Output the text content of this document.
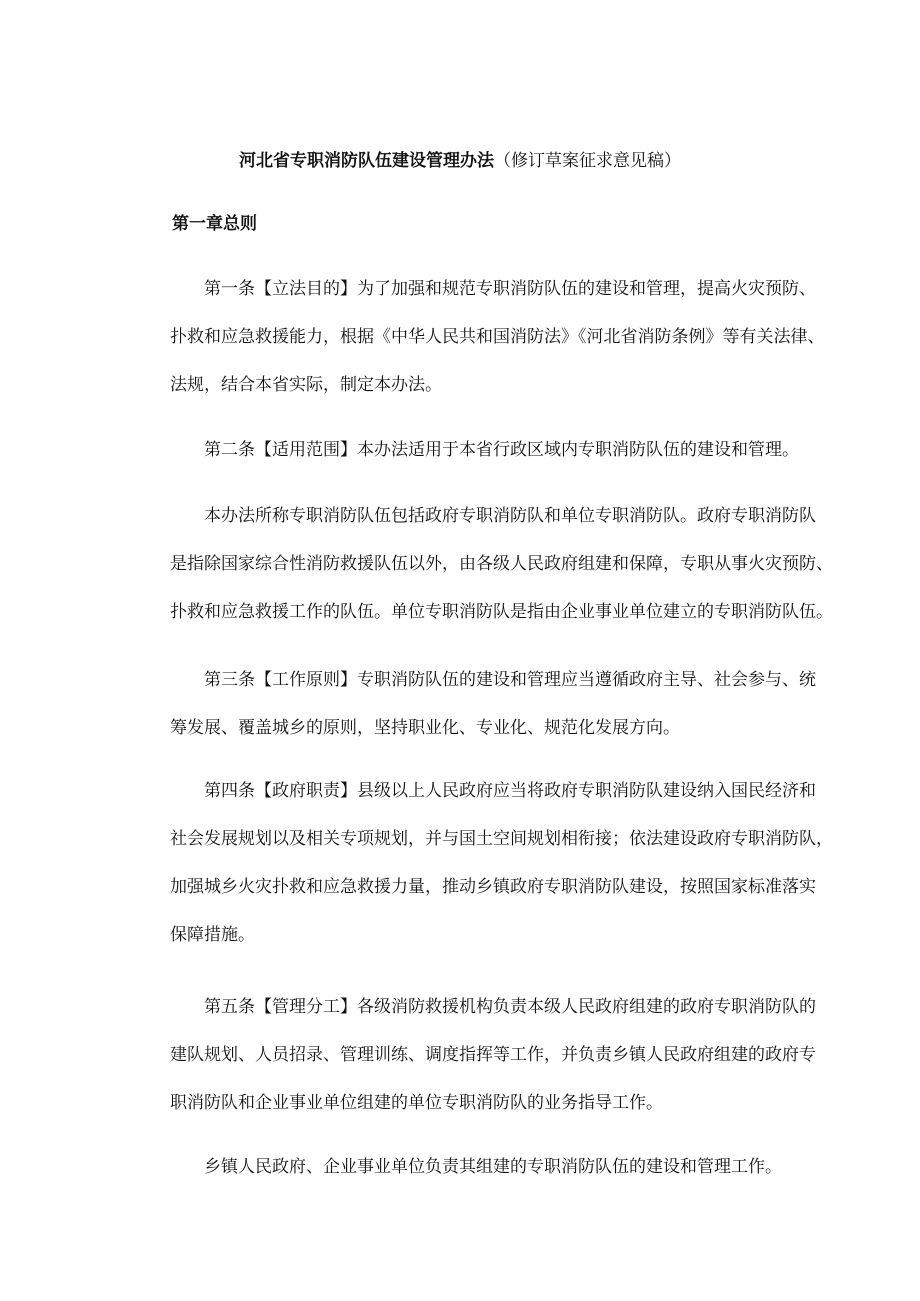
河北省专职消防队伍建设管理办法（修订草案征求意见稿）
第一章总则
第一条【立法目的】为了加强和规范专职消防队伍的建设和管理，提高火灾预防、
扑救和应急救援能力，根据《中华人民共和国消防法》《河北省消防条例》等有关法律、
法规，结合本省实际，制定本办法。
第二条【适用范围】本办法适用于本省行政区域内专职消防队伍的建设和管理。
本办法所称专职消防队伍包括政府专职消防队和单位专职消防队。政府专职消防队
是指除国家综合性消防救援队伍以外，由各级人民政府组建和保障，专职从事火灾预防、
扑救和应急救援工作的队伍。单位专职消防队是指由企业事业单位建立的专职消防队伍。
第三条【工作原则】专职消防队伍的建设和管理应当遵循政府主导、社会参与、统
筹发展、覆盖城乡的原则，坚持职业化、专业化、规范化发展方向。
第四条【政府职责】县级以上人民政府应当将政府专职消防队建设纳入国民经济和
社会发展规划以及相关专项规划，并与国土空间规划相衔接；依法建设政府专职消防队，
加强城乡火灾扑救和应急救援力量，推动乡镇政府专职消防队建设，按照国家标准落实
保障措施。
第五条【管理分工】各级消防救援机构负责本级人民政府组建的政府专职消防队的
建队规划、人员招录、管理训练、调度指挥等工作，并负责乡镇人民政府组建的政府专
职消防队和企业事业单位组建的单位专职消防队的业务指导工作。
乡镇人民政府、企业事业单位负责其组建的专职消防队伍的建设和管理工作。
